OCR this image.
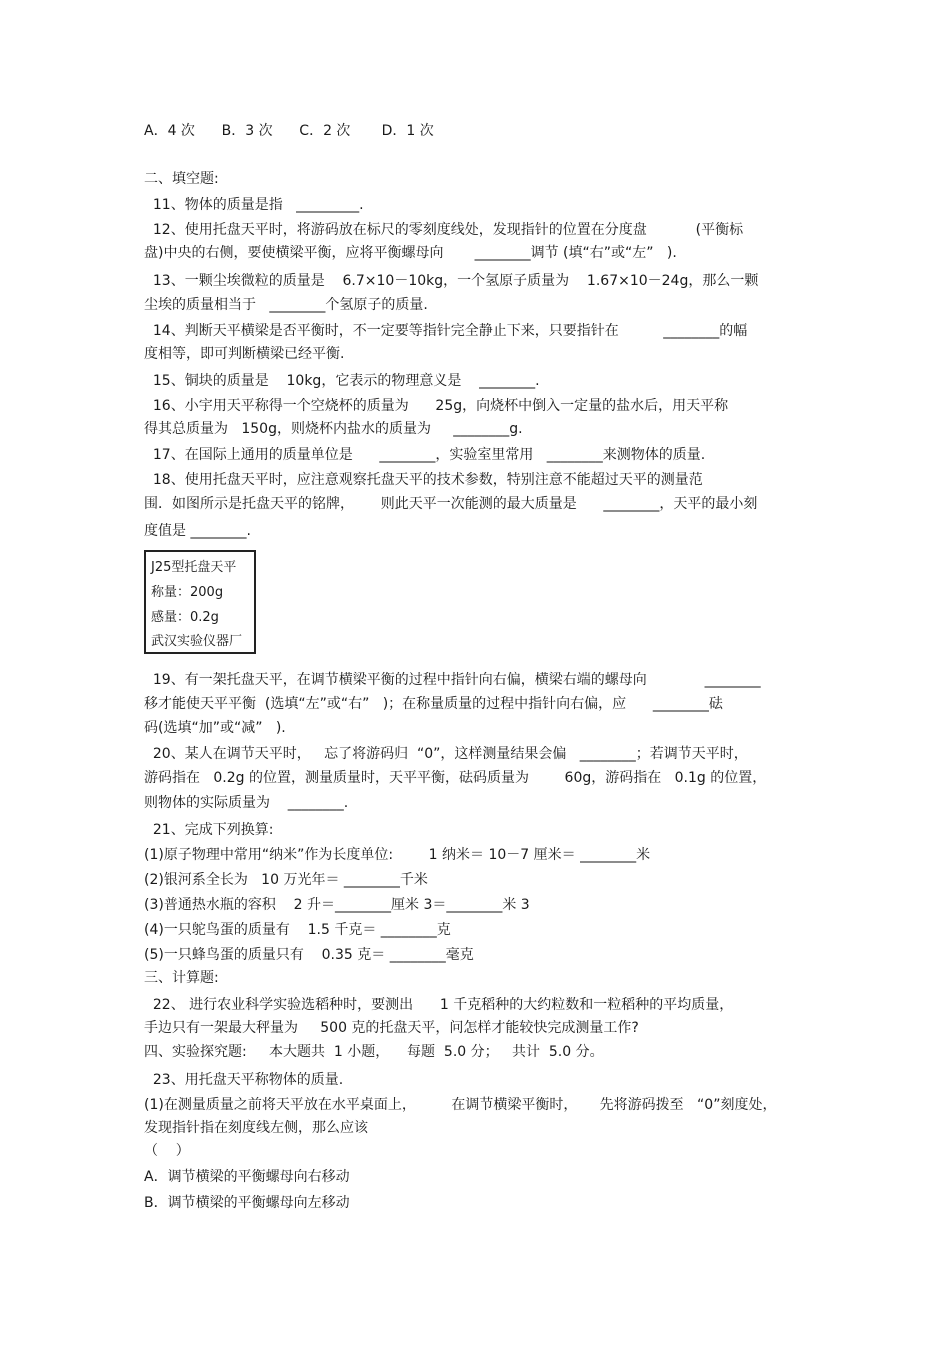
A．4 次      B．3 次      C．2 次       D．1 次
二、填空题:
11、物体的质量是指   _________.
12、使用托盘天平时，将游码放在标尺的零刻度线处，发现指针的位置在分度盘           (平衡标
盘)中央的右侧，要使横梁平衡，应将平衡螺母向       ________调节 (填“右”或“左”   ).
13、一颗尘埃微粒的质量是    6.7×10－10kg，一个氢原子质量为    1.67×10－24g，那么一颗
尘埃的质量相当于   ________个氢原子的质量.
14、判断天平横梁是否平衡时，不一定要等指针完全静止下来，只要指针在          ________的幅
度相等，即可判断横梁已经平衡.
15、铜块的质量是    10kg，它表示的物理意义是    ________.
16、小宇用天平称得一个空烧杯的质量为      25g，向烧杯中倒入一定量的盐水后，用天平称
得其总质量为   150g，则烧杯内盐水的质量为     ________g.
17、在国际上通用的质量单位是      ________，实验室里常用   ________来测物体的质量.
18、使用托盘天平时，应注意观察托盘天平的技术参数，特别注意不能超过天平的测量范
围．如图所示是托盘天平的铭牌，      则此天平一次能测的最大质量是      ________，天平的最小刻
度值是 ________.
J25型托盘天平
称量：200g
感量：0.2g
武汉实验仪器厂
19、有一架托盘天平，在调节横梁平衡的过程中指针向右偏，横梁右端的螺母向             ________
移才能使天平平衡  (选填“左”或“右”   )；在称量质量的过程中指针向右偏，应      ________砝
码(选填“加”或“减”   ).
20、某人在调节天平时，   忘了将游码归  “0”，这样测量结果会偏   ________；若调节天平时，
游码指在   0.2g 的位置，测量质量时，天平平衡，砝码质量为        60g，游码指在   0.1g 的位置，
则物体的实际质量为    ________.
21、完成下列换算:
(1)原子物理中常用“纳米”作为长度单位:        1 纳米＝ 10－7 厘米＝ ________米
(2)银河系全长为   10 万光年＝ ________千米
(3)普通热水瓶的容积    2 升＝________厘米 3＝________米 3
(4)一只鸵鸟蛋的质量有    1.5 千克＝ ________克
(5)一只蜂鸟蛋的质量只有    0.35 克＝ ________毫克
三、计算题:
22、 进行农业科学实验选稻种时，要测出      1 千克稻种的大约粒数和一粒稻种的平均质量，
手边只有一架最大秤量为     500 克的托盘天平，问怎样才能较快完成测量工作?
四、实验探究题:     本大题共  1 小题，    每题  5.0 分；   共计  5.0 分。
23、用托盘天平称物体的质量.
(1)在测量质量之前将天平放在水平桌面上，        在调节横梁平衡时，     先将游码拨至   “0”刻度处，
发现指针指在刻度线左侧，那么应该
（    ）
A．调节横梁的平衡螺母向右移动
B．调节横梁的平衡螺母向左移动
